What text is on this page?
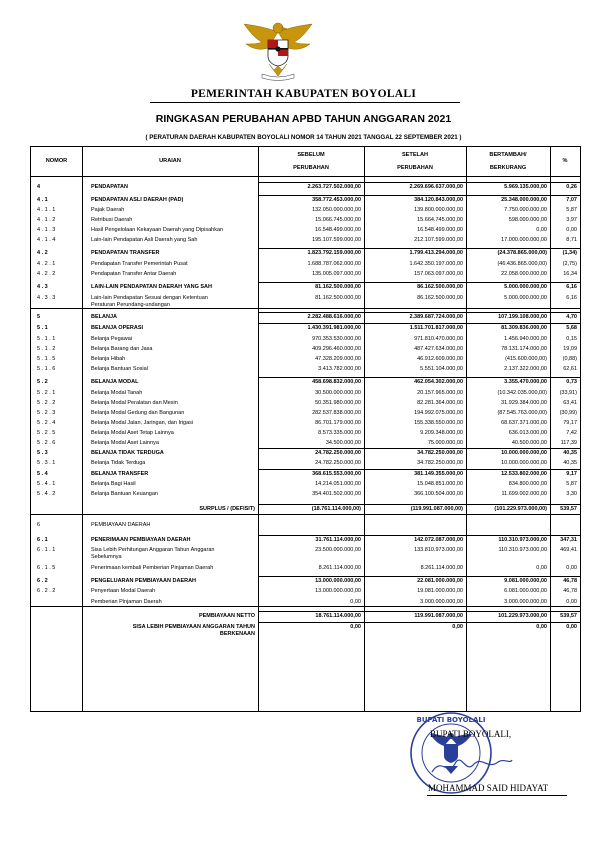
PEMERINTAH KABUPATEN BOYOLALI
RINGKASAN PERUBAHAN APBD TAHUN ANGGARAN 2021
( PERATURAN DAERAH KABUPATEN BOYOLALI NOMOR 14 TAHUN 2021 TANGGAL 22 SEPTEMBER 2021 )
NOMOR	URAIAN
SEBELUM
PERUBAHAN
SETELAH
PERUBAHAN
BERTAMBAH/
BERKURANG
%
4	PENDAPATAN	2.263.727.502.000,00	2.269.696.637.000,00	5.969.135.000,00	0,26
4 . 1	PENDAPATAN ASLI DAERAH (PAD)	358.772.453.000,00	384.120.843.000,00	25.348.000.000,00	7,07
4 . 1 . 1	Pajak Daerah	132.050.000.000,00	139.800.000.000,00	7.750.000.000,00	5,87
4 . 1 . 2	Retribusi Daerah	15.066.745.000,00	15.664.745.000,00	598.000.000,00	3,97
4 . 1 . 3	Hasil Pengelolaan Kekayaan Daerah yang Dipisahkan	16.548.499.000,00	16.548.499.000,00	0,00	0,00
4 . 1 . 4	Lain-lain Pendapatan Asli Daerah yang Sah	195.107.599.000,00	212.107.599.000,00	17.000.000.000,00	8,71
4 . 2	PENDAPATAN TRANSFER	1.823.792.159.000,00	1.799.413.294.000,00	(24.378.865.000,00)	(1,34)
4 . 2 . 1	Pendapatan Transfer Pemerintah Pusat	1.688.787.062.000,00	1.642.350.197.000,00	(46.436.865.000,00)	(2,75)
4 . 2 . 2	Pendapatan Transfer Antar Daerah	135.005.097.000,00	157.063.097.000,00	22.058.000.000,00	16,34
4 . 3	LAIN-LAIN PENDAPATAN DAERAH YANG SAH	81.162.500.000,00	86.162.500.000,00	5.000.000.000,00	6,16
4 . 3 . 3	Lain-lain Pendapatan Sesuai dengan Ketentuan
Peraturan Perundang-undangan
81.162.500.000,00	86.162.500.000,00	5.000.000.000,00	6,16
5	BELANJA	2.282.488.616.000,00	2.389.687.724.000,00	107.199.108.000,00	4,70
5 . 1	BELANJA OPERASI	1.430.391.981.000,00	1.511.701.817.000,00	81.309.836.000,00	5,68
5 . 1 . 1	Belanja Pegawai	970.353.530.000,00	971.810.470.000,00	1.456.940.000,00	0,15
5 . 1 . 2	Belanja Barang dan Jasa	409.296.460.000,00	487.427.634.000,00	78.131.174.000,00	19,09
5 . 1 . 5	Belanja Hibah	47.328.209.000,00	46.912.609.000,00	(415.600.000,00)	(0,88)
5 . 1 . 6	Belanja Bantuan Sosial	3.413.782.000,00	5.551.104.000,00	2.137.322.000,00	62,61
5 . 2	BELANJA MODAL	458.698.832.000,00	462.054.302.000,00	3.355.470.000,00	0,73
5 . 2 . 1	Belanja Modal Tanah	30.500.000.000,00	20.157.965.000,00	(10.342.035.000,00)	(33,91)
5 . 2 . 2	Belanja Modal Peralatan dan Mesin	50.351.980.000,00	82.281.364.000,00	31.929.384.000,00	63,41
5 . 2 . 3	Belanja Modal Gedung dan Bangunan	282.537.838.000,00	194.992.075.000,00	(87.545.763.000,00)	(30,99)
5 . 2 . 4	Belanja Modal Jalan, Jaringan, dan Irigasi	86.701.179.000,00	155.338.550.000,00	68.637.371.000,00	79,17
5 . 2 . 5	Belanja Modal Aset Tetap Lainnya	8.573.335.000,00	9.209.348.000,00	636.013.000,00	7,42
5 . 2 . 6	Belanja Modal Aset Lainnya	34.500.000,00	75.000.000,00	40.500.000,00	117,39
5 . 3	BELANJA TIDAK TERDUGA	24.782.250.000,00	34.782.250.000,00	10.000.000.000,00	40,35
5 . 3 . 1	Belanja Tidak Terduga	24.782.250.000,00	34.782.250.000,00	10.000.000.000,00	40,35
5 . 4	BELANJA TRANSFER	368.615.553.000,00	381.149.355.000,00	12.533.802.000,00	9,17
5 . 4 . 1	Belanja Bagi Hasil	14.214.051.000,00	15.048.851.000,00	834.800.000,00	5,87
5 . 4 . 2	Belanja Bantuan Keuangan	354.401.502.000,00	366.100.504.000,00	11.699.002.000,00	3,30
SURPLUS / (DEFISIT)	(18.761.114.000,00)	(119.991.087.000,00)	(101.229.973.000,00)	539,57
6	PEMBIAYAAN DAERAH
6 . 1	PENERIMAAN PEMBIAYAAN DAERAH	31.761.114.000,00	142.072.087.000,00	110.310.973.000,00	347,31
6 . 1 . 1	Sisa Lebih Perhitungan Anggaran Tahun Anggaran
Sebelumnya
23.500.000.000,00	133.810.973.000,00	110.310.973.000,00	469,41
6 . 1 . 5	Penerimaan kembali Pemberian Pinjaman Daerah	8.261.114.000,00	8.261.114.000,00	0,00	0,00
6 . 2	PENGELUARAN PEMBIAYAAN DAERAH	13.000.000.000,00	22.081.000.000,00	9.081.000.000,00	46,78
6 . 2 . 2	Penyertaan Modal Daerah	13.000.000.000,00	19.081.000.000,00	6.081.000.000,00	46,78
Pemberian Pinjaman Daerah	0,00	3.000.000.000,00	3.000.000.000,00	0,00
PEMBIAYAAN NETTO	18.761.114.000,00	119.991.087.000,00	101.229.973.000,00	539,57
SISA LEBIH PEMBIAYAAN ANGGARAN TAHUN
BERKENAAN
0,00	0,00	0,00	0,00
BUPATI BOYOLALI
BUPATI BOYOLALI,
MOHAMMAD SAID HIDAYAT
